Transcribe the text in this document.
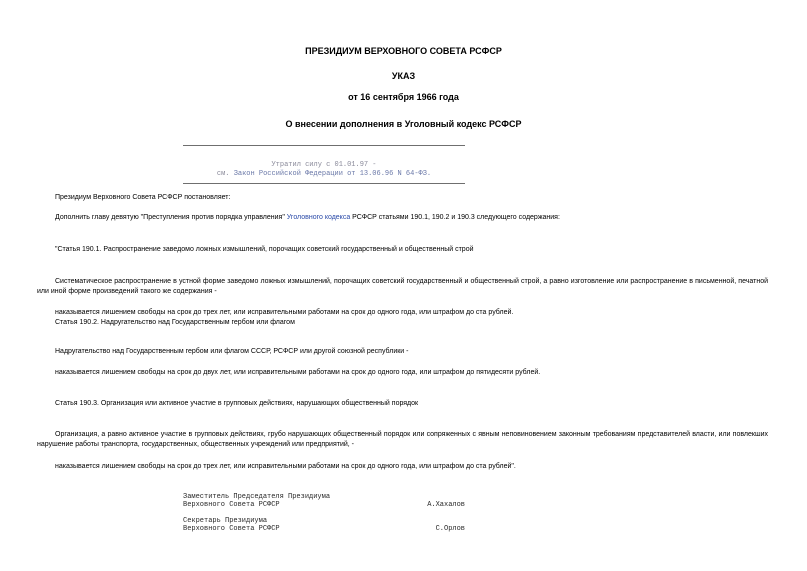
ПРЕЗИДИУМ ВЕРХОВНОГО СОВЕТА РСФСР
УКАЗ
от 16 сентября 1966 года
О внесении дополнения в Уголовный кодекс РСФСР
Утратил силу с 01.01.97 -
см. Закон Российской Федерации от 13.06.96 N 64-ФЗ.
Президиум Верховного Совета РСФСР постановляет:
Дополнить главу девятую "Преступления против порядка управления" Уголовного кодекса РСФСР статьями 190.1, 190.2 и 190.3 следующего содержания:
"Статья 190.1. Распространение заведомо ложных измышлений, порочащих советский государственный и общественный строй
Систематическое распространение в устной форме заведомо ложных измышлений, порочащих советский государственный и общественный строй, а равно изготовление или распространение в письменной, печатной или иной форме произведений такого же содержания -
наказывается лишением свободы на срок до трех лет, или исправительными работами на срок до одного года, или штрафом до ста рублей.
Статья 190.2. Надругательство над Государственным гербом или флагом
Надругательство над Государственным гербом или флагом СССР, РСФСР или другой союзной республики -
наказывается лишением свободы на срок до двух лет, или исправительными работами на срок до одного года, или штрафом до пятидесяти рублей.
Статья 190.3. Организация или активное участие в групповых действиях, нарушающих общественный порядок
Организация, а равно активное участие в групповых действиях, грубо нарушающих общественный порядок или сопряженных с явным неповиновением законным требованиям представителей власти, или повлекших нарушение работы транспорта, государственных, общественных учреждений или предприятий, -
наказывается лишением свободы на срок до трех лет, или исправительными работами на срок до одного года, или штрафом до ста рублей".
Заместитель Председателя Президиума
Верховного Совета РСФСР	А.Хахалов
Секретарь Президиума
Верховного Совета РСФСР	С.Орлов
